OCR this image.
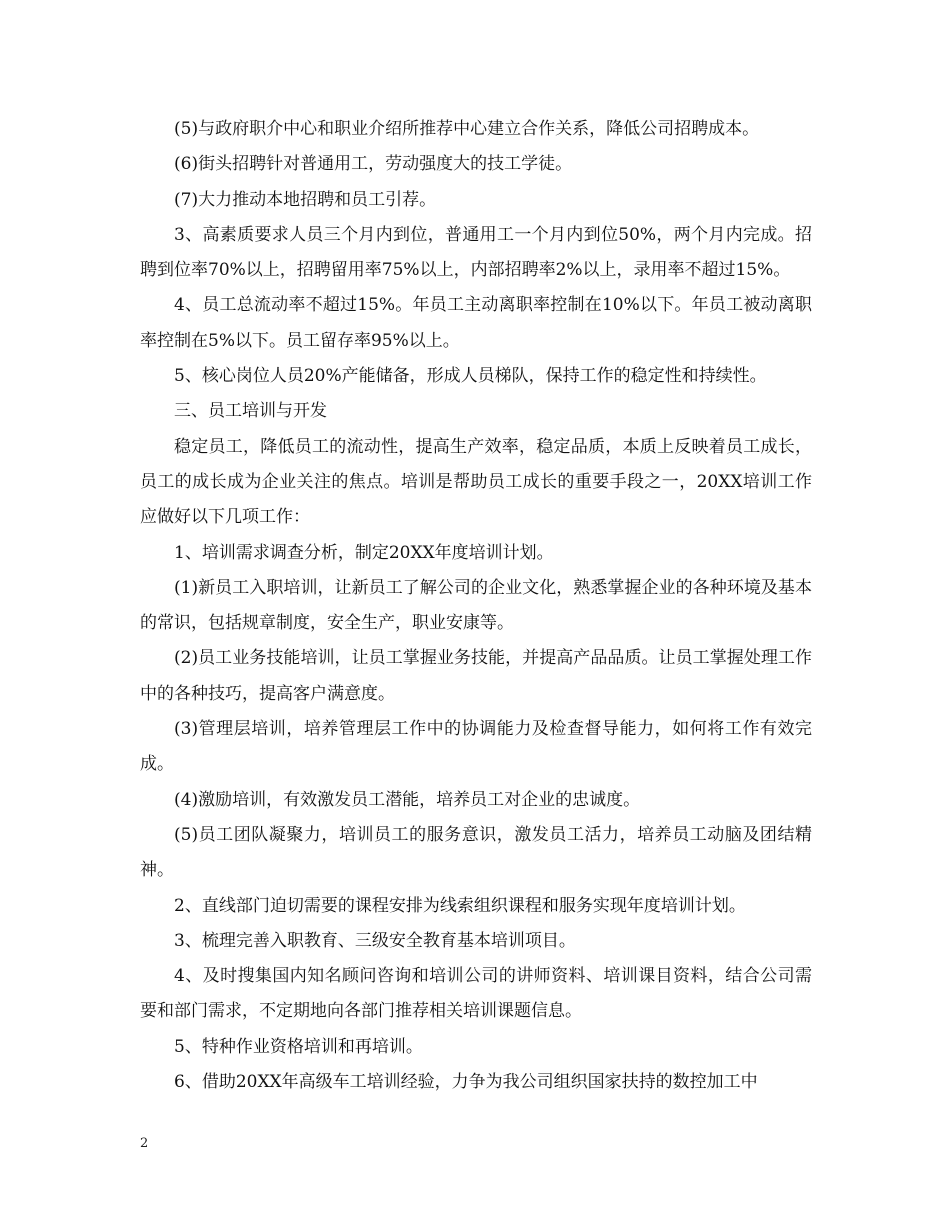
(5)与政府职介中心和职业介绍所推荐中心建立合作关系，降低公司招聘成本。

(6)街头招聘针对普通用工，劳动强度大的技工学徒。

(7)大力推动本地招聘和员工引荐。

3、高素质要求人员三个月内到位，普通用工一个月内到位50%，两个月内完成。招聘到位率70%以上，招聘留用率75%以上，内部招聘率2%以上，录用率不超过15%。

4、员工总流动率不超过15%。年员工主动离职率控制在10%以下。年员工被动离职率控制在5%以下。员工留存率95%以上。

5、核心岗位人员20%产能储备，形成人员梯队，保持工作的稳定性和持续性。

三、员工培训与开发

稳定员工，降低员工的流动性，提高生产效率，稳定品质，本质上反映着员工成长，员工的成长成为企业关注的焦点。培训是帮助员工成长的重要手段之一，20XX培训工作应做好以下几项工作：

1、培训需求调查分析，制定20XX年度培训计划。

(1)新员工入职培训，让新员工了解公司的企业文化，熟悉掌握企业的各种环境及基本的常识，包括规章制度，安全生产，职业安康等。

(2)员工业务技能培训，让员工掌握业务技能，并提高产品品质。让员工掌握处理工作中的各种技巧，提高客户满意度。

(3)管理层培训，培养管理层工作中的协调能力及检查督导能力，如何将工作有效完成。

(4)激励培训，有效激发员工潜能，培养员工对企业的忠诚度。

(5)员工团队凝聚力，培训员工的服务意识，激发员工活力，培养员工动脑及团结精神。

2、直线部门迫切需要的课程安排为线索组织课程和服务实现年度培训计划。

3、梳理完善入职教育、三级安全教育基本培训项目。

4、及时搜集国内知名顾问咨询和培训公司的讲师资料、培训课目资料，结合公司需要和部门需求，不定期地向各部门推荐相关培训课题信息。

5、特种作业资格培训和再培训。

6、借助20XX年高级车工培训经验，力争为我公司组织国家扶持的数控加工中

2
